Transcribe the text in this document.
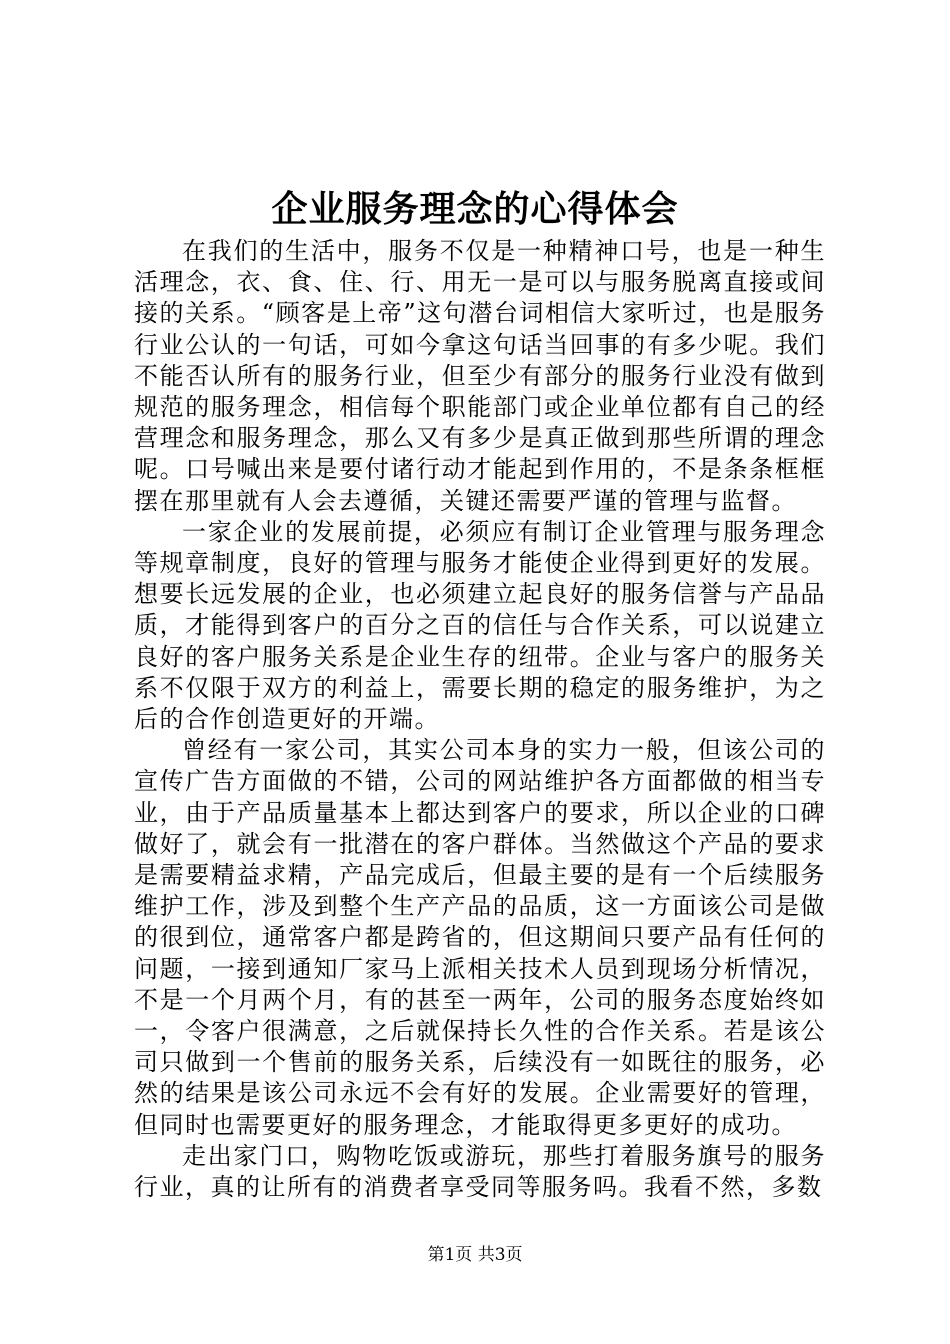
企业服务理念的心得体会

在我们的生活中，服务不仅是一种精神口号，也是一种生活理念，衣、食、住、行、用无一是可以与服务脱离直接或间接的关系。“顾客是上帝”这句潜台词相信大家听过，也是服务行业公认的一句话，可如今拿这句话当回事的有多少呢。我们不能否认所有的服务行业，但至少有部分的服务行业没有做到规范的服务理念，相信每个职能部门或企业单位都有自己的经营理念和服务理念，那么又有多少是真正做到那些所谓的理念呢。口号喊出来是要付诸行动才能起到作用的，不是条条框框摆在那里就有人会去遵循，关键还需要严谨的管理与监督。

一家企业的发展前提，必须应有制订企业管理与服务理念等规章制度，良好的管理与服务才能使企业得到更好的发展。想要长远发展的企业，也必须建立起良好的服务信誉与产品品质，才能得到客户的百分之百的信任与合作关系，可以说建立良好的客户服务关系是企业生存的纽带。企业与客户的服务关系不仅限于双方的利益上，需要长期的稳定的服务维护，为之后的合作创造更好的开端。

曾经有一家公司，其实公司本身的实力一般，但该公司的宣传广告方面做的不错，公司的网站维护各方面都做的相当专业，由于产品质量基本上都达到客户的要求，所以企业的口碑做好了，就会有一批潜在的客户群体。当然做这个产品的要求是需要精益求精，产品完成后，但最主要的是有一个后续服务维护工作，涉及到整个生产产品的品质，这一方面该公司是做的很到位，通常客户都是跨省的，但这期间只要产品有任何的问题，一接到通知厂家马上派相关技术人员到现场分析情况，不是一个月两个月，有的甚至一两年，公司的服务态度始终如一，令客户很满意，之后就保持长久性的合作关系。若是该公司只做到一个售前的服务关系，后续没有一如既往的服务，必然的结果是该公司永远不会有好的发展。企业需要好的管理，但同时也需要更好的服务理念，才能取得更多更好的成功。

走出家门口，购物吃饭或游玩，那些打着服务旗号的服务行业，真的让所有的消费者享受同等服务吗。我看不然，多数

第1页 共3页
